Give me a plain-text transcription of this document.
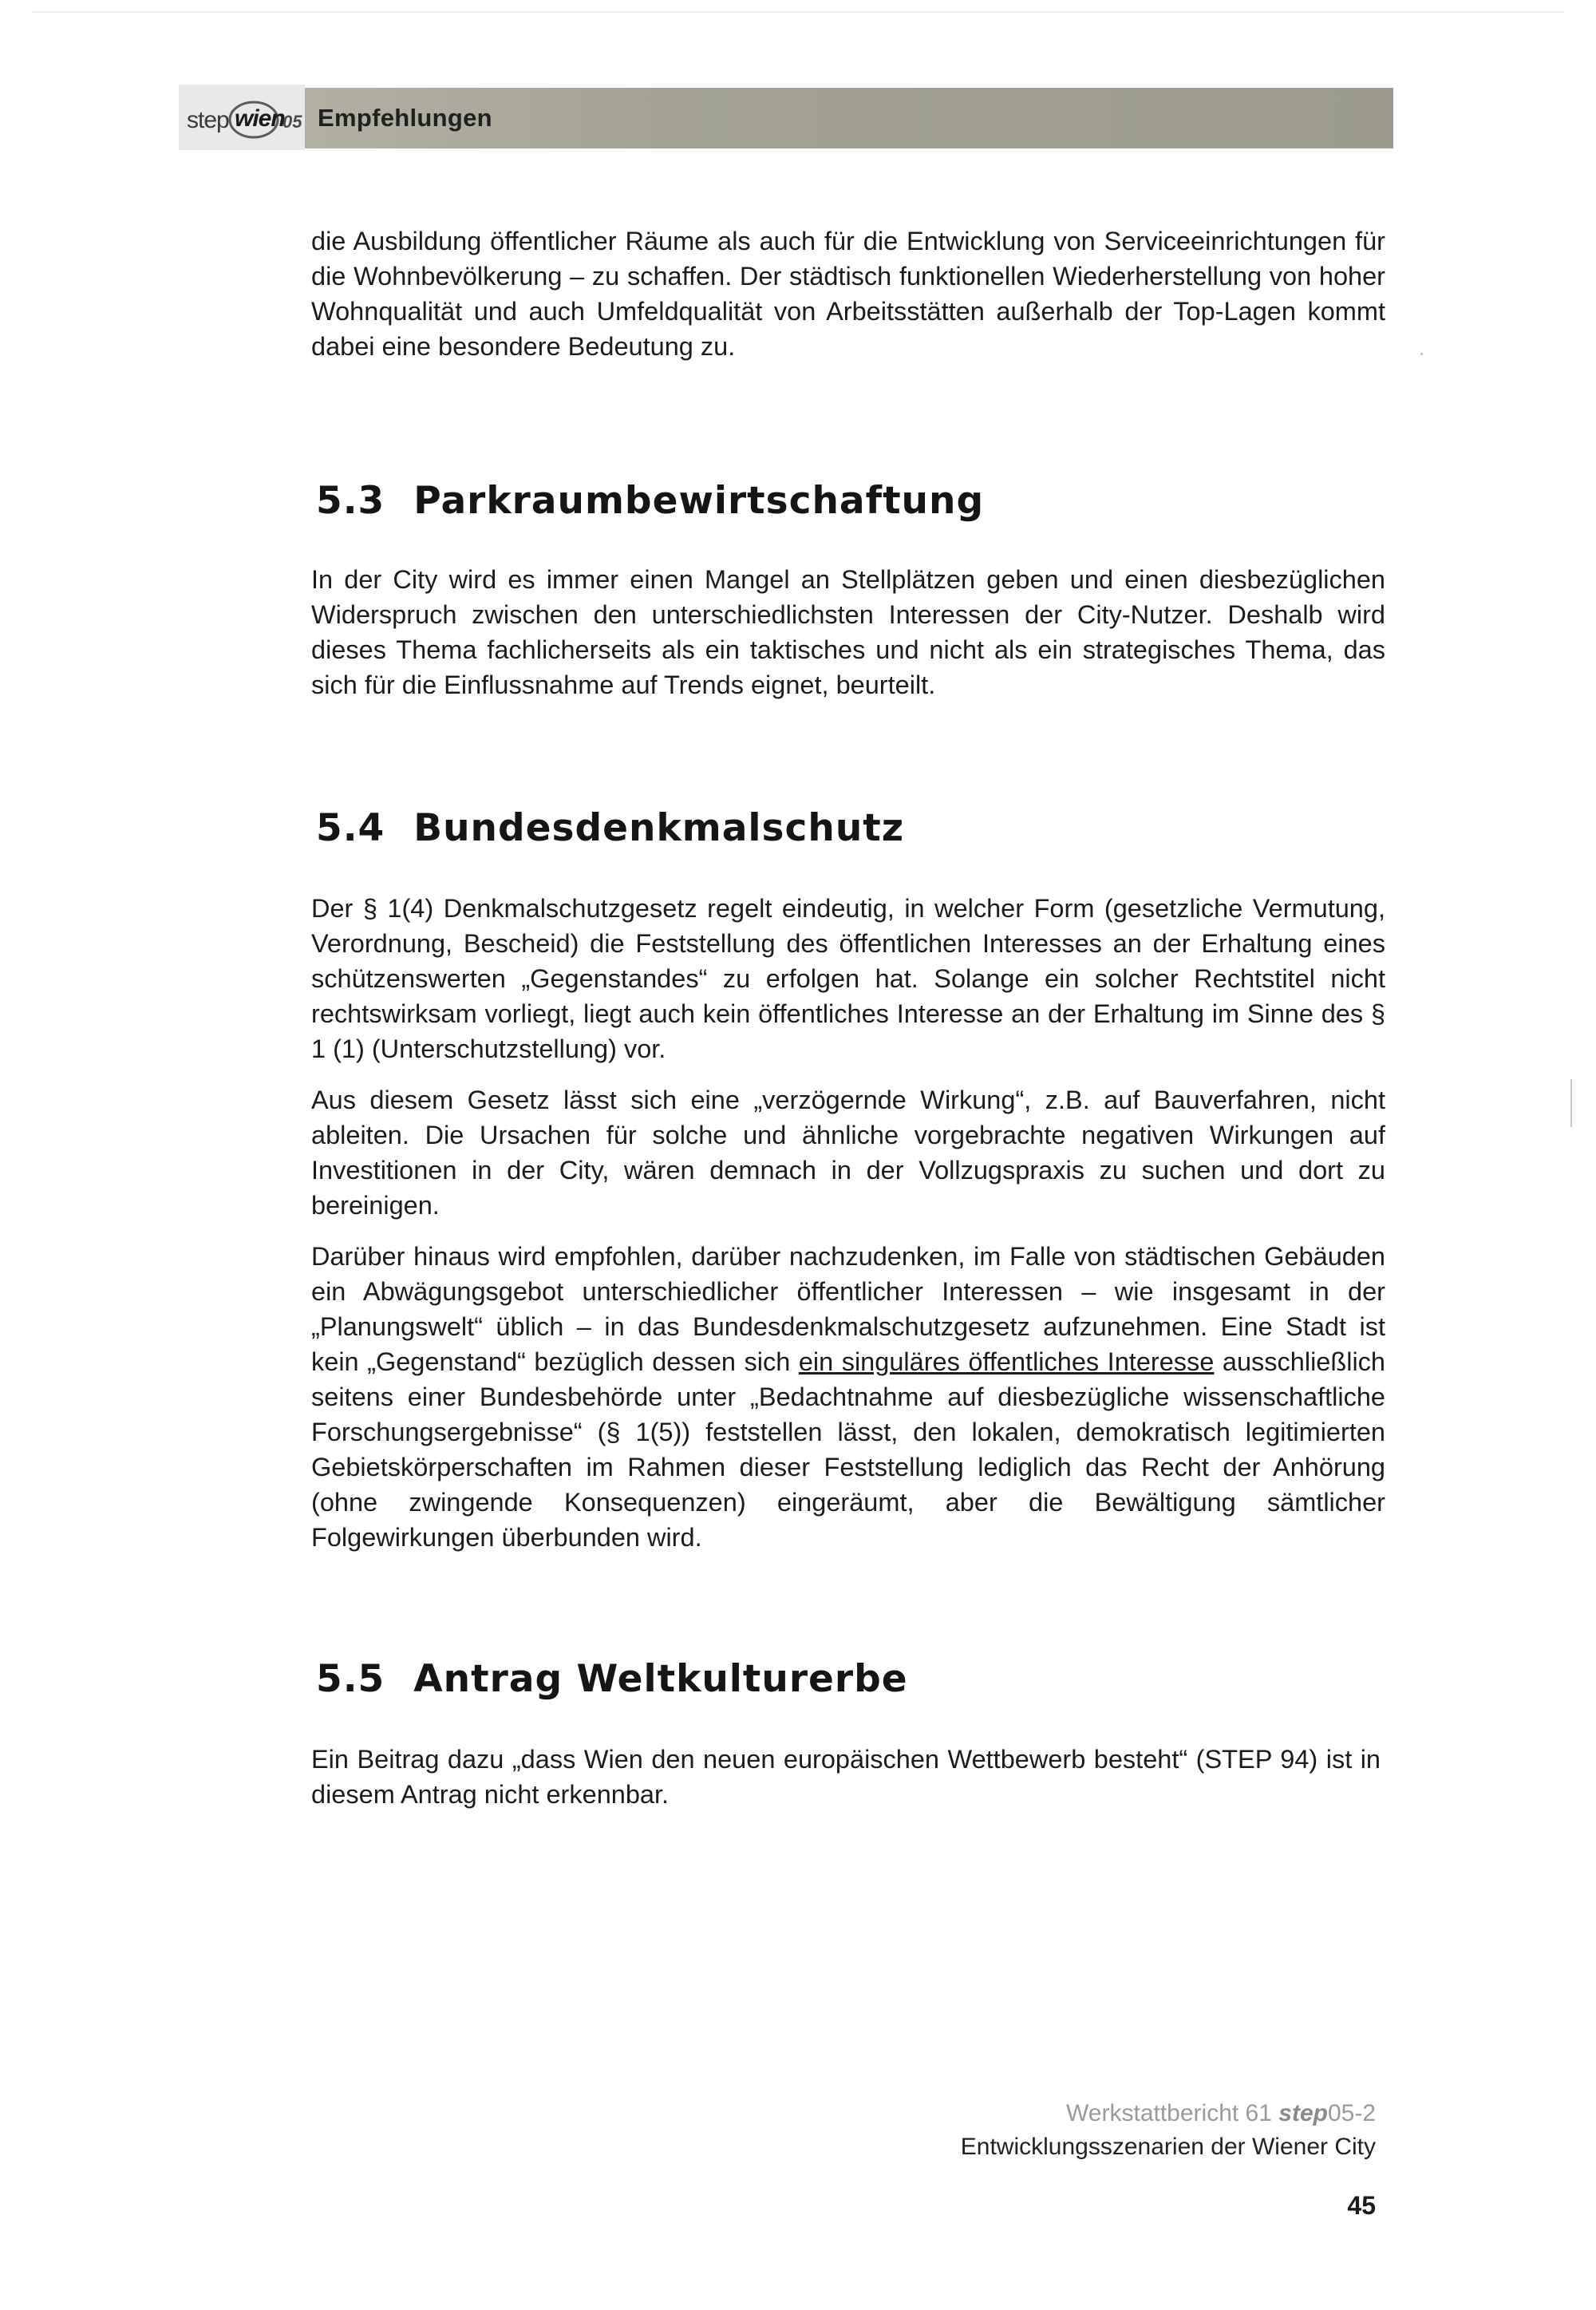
step wien
05 Empfehlungen

die Ausbildung öffentlicher Räume als auch für die Entwicklung von Serviceeinrichtungen für die Wohnbevölkerung – zu schaffen. Der städtisch funktionellen Wiederherstellung von hoher Wohnqualität und auch Umfeldqualität von Arbeitsstätten außerhalb der Top-Lagen kommt dabei eine besondere Bedeutung zu.

5.3 Parkraumbewirtschaftung

In der City wird es immer einen Mangel an Stellplätzen geben und einen diesbezüglichen Widerspruch zwischen den unterschiedlichsten Interessen der City-Nutzer. Deshalb wird dieses Thema fachlicherseits als ein taktisches und nicht als ein strategisches Thema, das sich für die Einflussnahme auf Trends eignet, beurteilt.

5.4 Bundesdenkmalschutz

Der § 1(4) Denkmalschutzgesetz regelt eindeutig, in welcher Form (gesetzliche Vermutung, Verordnung, Bescheid) die Feststellung des öffentlichen Interesses an der Erhaltung eines schützenswerten „Gegenstandes“ zu erfolgen hat. Solange ein solcher Rechtstitel nicht rechtswirksam vorliegt, liegt auch kein öffentliches Interesse an der Erhaltung im Sinne des § 1 (1) (Unterschutzstellung) vor.

Aus diesem Gesetz lässt sich eine „verzögernde Wirkung“, z.B. auf Bauverfahren, nicht ableiten. Die Ursachen für solche und ähnliche vorgebrachte negativen Wirkungen auf Investitionen in der City, wären demnach in der Vollzugspraxis zu suchen und dort zu bereinigen.

Darüber hinaus wird empfohlen, darüber nachzudenken, im Falle von städtischen Gebäuden ein Abwägungsgebot unterschiedlicher öffentlicher Interessen – wie insgesamt in der „Planungswelt“ üblich – in das Bundesdenkmalschutzgesetz aufzunehmen. Eine Stadt ist kein „Gegenstand“ bezüglich dessen sich ein singuläres öffentliches Interesse ausschließlich seitens einer Bundesbehörde unter „Bedachtnahme auf diesbezügliche wissenschaftliche Forschungsergebnisse“ (§ 1(5)) feststellen lässt, den lokalen, demokratisch legitimierten Gebietskörperschaften im Rahmen dieser Feststellung lediglich das Recht der Anhörung (ohne zwingende Konsequenzen) eingeräumt, aber die Bewältigung sämtlicher Folgewirkungen überbunden wird.

5.5 Antrag Weltkulturerbe

Ein Beitrag dazu „dass Wien den neuen europäischen Wettbewerb besteht“ (STEP 94) ist in diesem Antrag nicht erkennbar.

Werkstattbericht 61 step05-2
Entwicklungsszenarien der Wiener City
45
